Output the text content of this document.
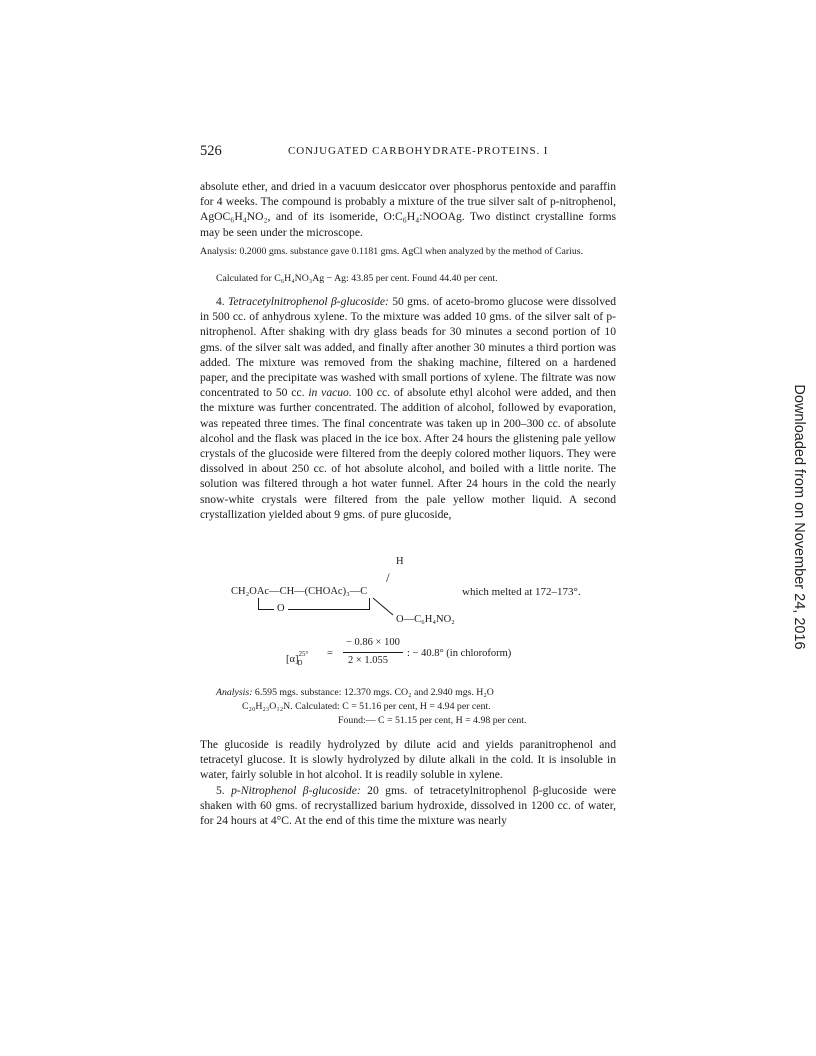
526	CONJUGATED CARBOHYDRATE-PROTEINS. I
Downloaded from on November 24, 2016

absolute ether, and dried in a vacuum desiccator over phosphorus pentoxide and paraffin for 4 weeks. The compound is probably a mixture of the true silver salt of p-nitrophenol, AgOC₆H₄NO₂, and of its isomeride, O:C₆H₄:NOOAg. Two distinct crystalline forms may be seen under the microscope.

Analysis: 0.2000 gms. substance gave 0.1181 gms. AgCl when analyzed by the method of Carius.

Calculated for C₆H₄NO₃Ag − Ag: 43.85 per cent. Found 44.40 per cent.

4. Tetracetylnitrophenol β-glucoside: 50 gms. of aceto-bromo glucose were dissolved in 500 cc. of anhydrous xylene. To the mixture was added 10 gms. of the silver salt of p-nitrophenol. After shaking with dry glass beads for 30 minutes a second portion of 10 gms. of the silver salt was added, and finally after another 30 minutes a third portion was added. The mixture was removed from the shaking machine, filtered on a hardened paper, and the precipitate was washed with small portions of xylene. The filtrate was now concentrated to 50 cc. in vacuo. 100 cc. of absolute ethyl alcohol were added, and then the mixture was further concentrated. The addition of alcohol, followed by evaporation, was repeated three times. The final concentrate was taken up in 200–300 cc. of absolute alcohol and the flask was placed in the ice box. After 24 hours the glistening pale yellow crystals of the glucoside were filtered from the deeply colored mother liquors. They were dissolved in about 250 cc. of hot absolute alcohol, and boiled with a little norite. The solution was filtered through a hot water funnel. After 24 hours in the cold the nearly snow-white crystals were filtered from the pale yellow mother liquid. A second crystallization yielded about 9 gms. of pure glucoside,

H
/
CH₂OAc—CH—(CHOAc)₃—C
O
O—C₆H₄NO₂
which melted at 172–173°.
$[\alpha]^{25^\circ}_D$
=
− 0.86 × 100
2 × 1.055
: − 40.8° (in chloroform)

Analysis: 6.595 mgs. substance: 12.370 mgs. CO₂ and 2.940 mgs. H₂O

C₂₀H₂₃O₁₂N. Calculated: C = 51.16 per cent, H = 4.94 per cent.

Found:— C = 51.15 per cent, H = 4.98 per cent.

The glucoside is readily hydrolyzed by dilute acid and yields paranitrophenol and tetracetyl glucose. It is slowly hydrolyzed by dilute alkali in the cold. It is insoluble in water, fairly soluble in hot alcohol. It is readily soluble in xylene.

5. p-Nitrophenol β-glucoside: 20 gms. of tetracetylnitrophenol β-glucoside were shaken with 60 gms. of recrystallized barium hydroxide, dissolved in 1200 cc. of water, for 24 hours at 4°C. At the end of this time the mixture was nearly
